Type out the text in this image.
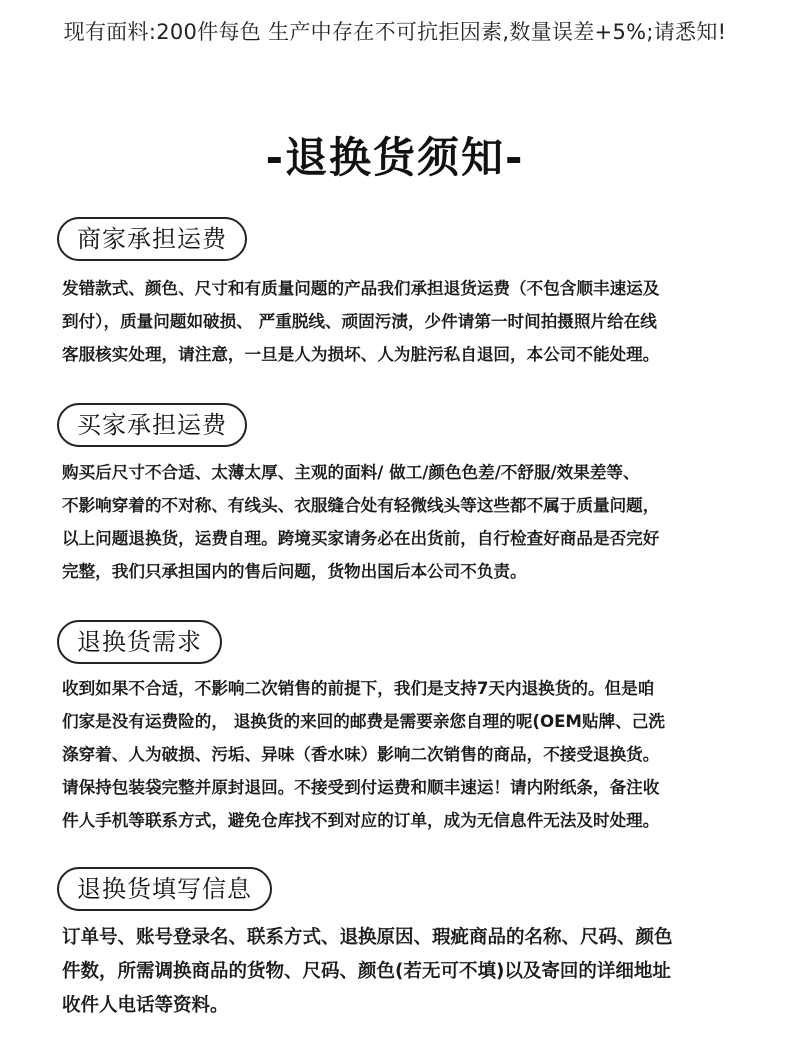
现有面料:200件每色 生产中存在不可抗拒因素,数量误差+5%;请悉知!
-退换货须知-
商家承担运费

发错款式、颜色、尺寸和有质量问题的产品我们承担退货运费（不包含顺丰速运及

到付），质量问题如破损、 严重脱线、顽固污渍，少件请第一时间拍摄照片给在线

客服核实处理，请注意，一旦是人为损坏、人为脏污私自退回，本公司不能处理。

买家承担运费

购买后尺寸不合适、太薄太厚、主观的面料/ 做工/颜色色差/不舒服/效果差等、

不影响穿着的不对称、有线头、衣服缝合处有轻微线头等这些都不属于质量问题，

以上问题退换货，运费自理。跨境买家请务必在出货前，自行检查好商品是否完好

完整，我们只承担国内的售后问题，货物出国后本公司不负责。

退换货需求

收到如果不合适，不影响二次销售的前提下，我们是支持7天内退换货的。但是咱

们家是没有运费险的， 退换货的来回的邮费是需要亲您自理的呢(OEM贴牌、己洗

涤穿着、人为破损、污垢、异味（香水味）影响二次销售的商品，不接受退换货。

请保持包装袋完整并原封退回。不接受到付运费和顺丰速运！请内附纸条，备注收

件人手机等联系方式，避免仓库找不到对应的订单，成为无信息件无法及时处理。

退换货填写信息

订单号、账号登录名、联系方式、退换原因、瑕疵商品的名称、尺码、颜色

件数，所需调换商品的货物、尺码、颜色(若无可不填)以及寄回的详细地址

收件人电话等资料。
